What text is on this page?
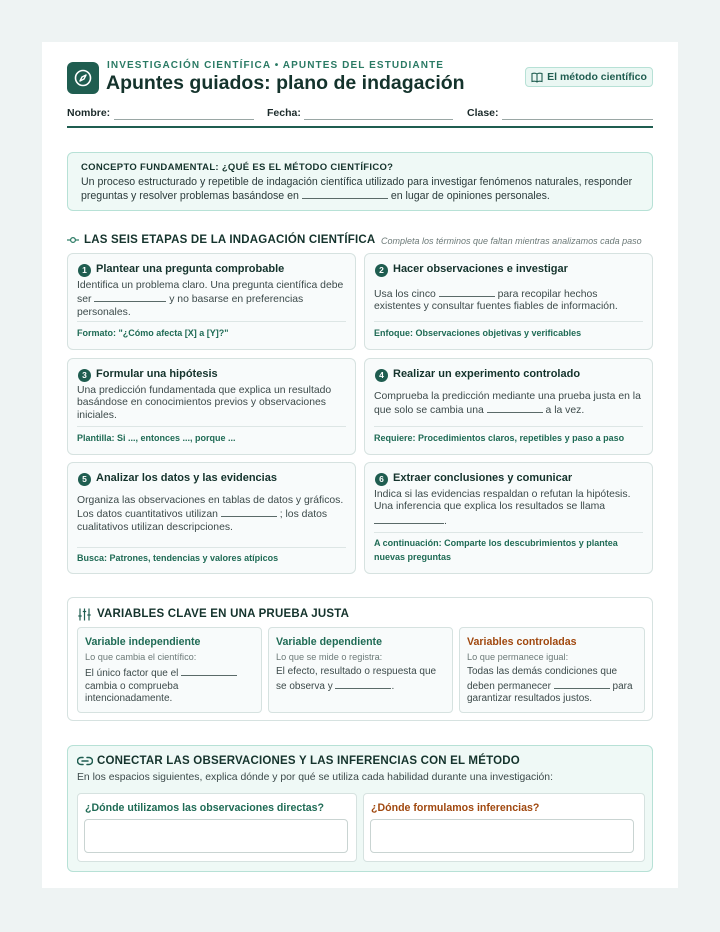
INVESTIGACIÓN CIENTÍFICA • APUNTES DEL ESTUDIANTE
Apuntes guiados: plano de indagación	El método científico
Nombre:	Fecha:	Clase:
CONCEPTO FUNDAMENTAL: ¿QUÉ ES EL MÉTODO CIENTÍFICO?
Un proceso estructurado y repetible de indagación científica utilizado para investigar fenómenos naturales, responder preguntas y resolver problemas basándose en	en lugar de opiniones personales.
LAS SEIS ETAPAS DE LA INDAGACIÓN CIENTÍFICA Completa los términos que faltan mientras analizamos cada paso
1 Plantear una pregunta comprobable
Identifica un problema claro. Una pregunta científica debe ser	y no basarse en preferencias personales.
Formato: "¿Cómo afecta [X] a [Y]?"
2 Hacer observaciones e investigar
Usa los cinco	para recopilar hechos existentes y consultar fuentes fiables de información.
Enfoque: Observaciones objetivas y verificables
3 Formular una hipótesis
Una predicción fundamentada que explica un resultado basándose en conocimientos previos y observaciones iniciales.
Plantilla: Si ..., entonces ..., porque ...
4 Realizar un experimento controlado
Comprueba la predicción mediante una prueba justa en la que solo se cambia una	a la vez.
Requiere: Procedimientos claros, repetibles y paso a paso
5 Analizar los datos y las evidencias
Organiza las observaciones en tablas de datos y gráficos. Los datos cuantitativos utilizan	; los datos cualitativos utilizan descripciones.
Busca: Patrones, tendencias y valores atípicos
6 Extraer conclusiones y comunicar
Indica si las evidencias respaldan o refutan la hipótesis. Una inferencia que explica los resultados se llama .
A continuación: Comparte los descubrimientos y plantea nuevas preguntas
VARIABLES CLAVE EN UNA PRUEBA JUSTA
Variable independiente
Lo que cambia el científico:
El único factor que el  cambia o comprueba intencionadamente.
Variable dependiente
Lo que se mide o registra:
El efecto, resultado o respuesta que se observa y	.
Variables controladas
Lo que permanece igual:
Todas las demás condiciones que deben permanecer	para garantizar resultados justos.
CONECTAR LAS OBSERVACIONES Y LAS INFERENCIAS CON EL MÉTODO
En los espacios siguientes, explica dónde y por qué se utiliza cada habilidad durante una investigación:
¿Dónde utilizamos las observaciones directas?	¿Dónde formulamos inferencias?
